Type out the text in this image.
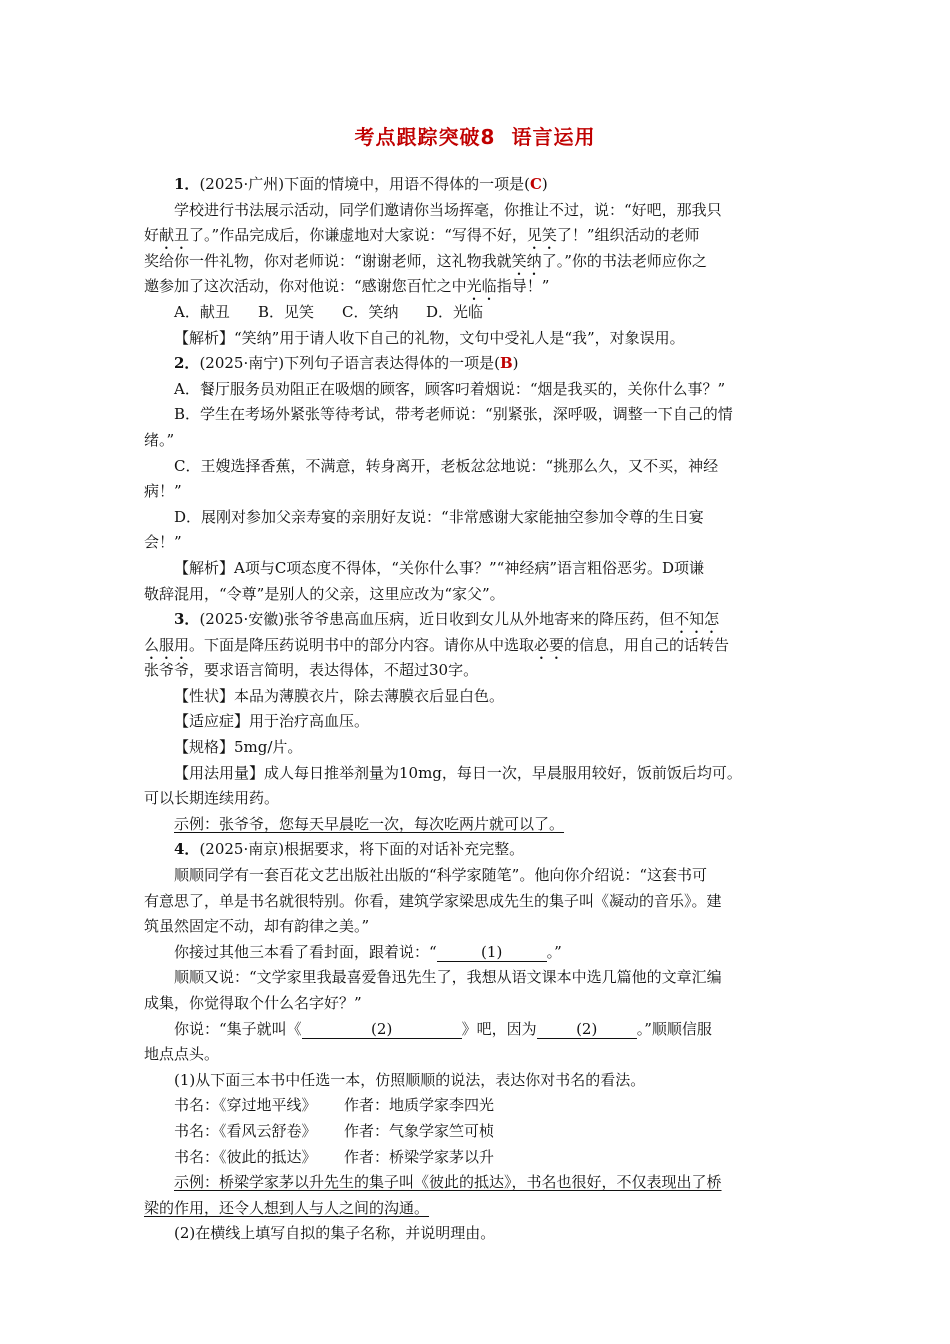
考点跟踪突破8 语言运用
1．(2025·广州)下面的情境中，用语不得体的一项是(C)
学校进行书法展示活动，同学们邀请你当场挥毫，你推让不过，说：“好吧，那我只
好献丑了。”作品完成后，你谦虚地对大家说：“写得不好，见笑了！”组织活动的老师
奖给你一件礼物，你对老师说：“谢谢老师，这礼物我就笑纳了。”你的书法老师应你之
邀参加了这次活动，你对他说：“感谢您百忙之中光临指导！”
A．献丑 B．见笑 C．笑纳 D．光临
【解析】“笑纳”用于请人收下自己的礼物，文句中受礼人是“我”，对象误用。
2．(2025·南宁)下列句子语言表达得体的一项是(B)
A．餐厅服务员劝阻正在吸烟的顾客，顾客叼着烟说：“烟是我买的，关你什么事？”
B．学生在考场外紧张等待考试，带考老师说：“别紧张，深呼吸，调整一下自己的情
绪。”
C．王嫂选择香蕉，不满意，转身离开，老板忿忿地说：“挑那么久，又不买，神经
病！”
D．展刚对参加父亲寿宴的亲朋好友说：“非常感谢大家能抽空参加令尊的生日宴
会！”
【解析】A项与C项态度不得体，“关你什么事？”“神经病”语言粗俗恶劣。D项谦
敬辞混用，“令尊”是别人的父亲，这里应改为“家父”。
3．(2025·安徽)张爷爷患高血压病，近日收到女儿从外地寄来的降压药，但不知怎
么服用。下面是降压药说明书中的部分内容。请你从中选取必要的信息，用自己的话转告
张爷爷，要求语言简明，表达得体，不超过30字。
【性状】本品为薄膜衣片，除去薄膜衣后显白色。
【适应症】用于治疗高血压。
【规格】5mg/片。
【用法用量】成人每日推举剂量为10mg，每日一次，早晨服用较好，饭前饭后均可。
可以长期连续用药。
示例：张爷爷，您每天早晨吃一次，每次吃两片就可以了。
4．(2025·南京)根据要求，将下面的对话补充完整。
顺顺同学有一套百花文艺出版社出版的“科学家随笔”。他向你介绍说：“这套书可
有意思了，单是书名就很特别。你看，建筑学家梁思成先生的集子叫《凝动的音乐》。建
筑虽然固定不动，却有韵律之美。”
你接过其他三本看了看封面，跟着说：“	(1)	。”
顺顺又说：“文学家里我最喜爱鲁迅先生了，我想从语文课本中选几篇他的文章汇编
成集，你觉得取个什么名字好？”
你说：“集子就叫《	(2)	》吧，因为	(2)	。”顺顺信服
地点点头。
(1)从下面三本书中任选一本，仿照顺顺的说法，表达你对书名的看法。
书名：《穿过地平线》 作者：地质学家李四光
书名：《看风云舒卷》 作者：气象学家竺可桢
书名：《彼此的抵达》 作者：桥梁学家茅以升
示例：桥梁学家茅以升先生的集子叫《彼此的抵达》，书名也很好，不仅表现出了桥
梁的作用，还令人想到人与人之间的沟通。
(2)在横线上填写自拟的集子名称，并说明理由。
